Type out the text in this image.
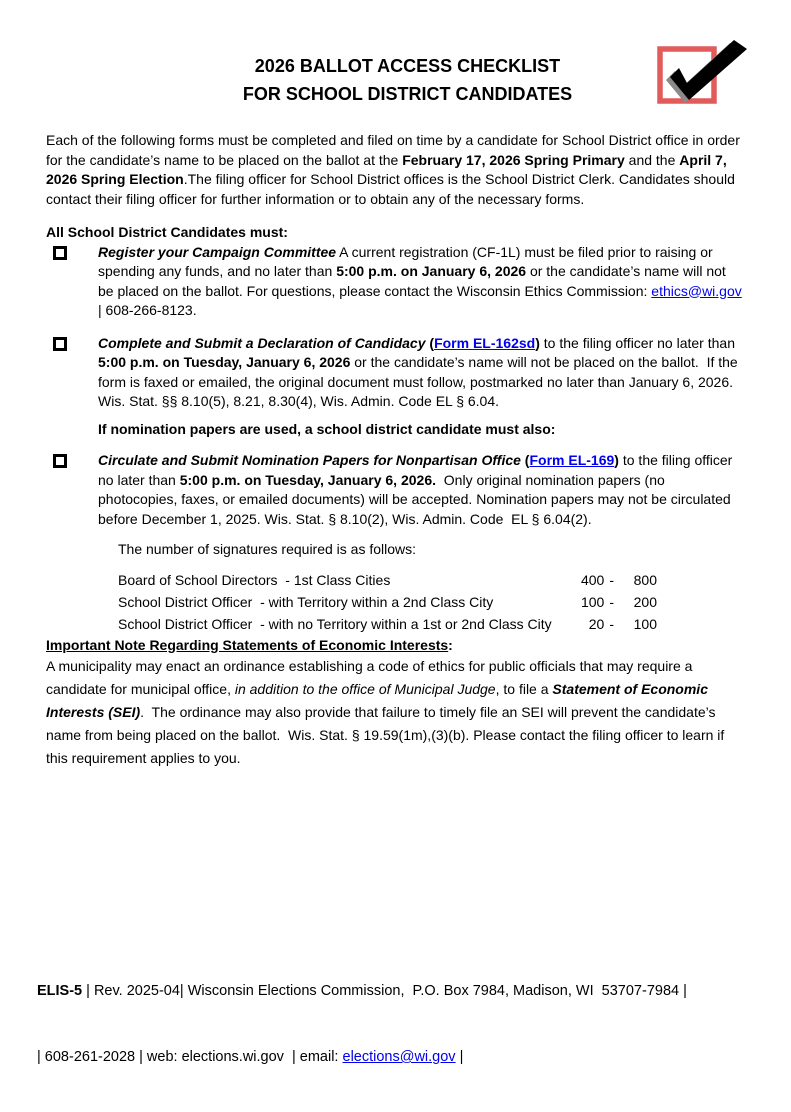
2026 BALLOT ACCESS CHECKLIST
FOR SCHOOL DISTRICT CANDIDATES

Each of the following forms must be completed and filed on time by a candidate for School District office in order for the candidate’s name to be placed on the ballot at the February 17, 2026 Spring Primary and the April 7, 2026 Spring Election.The filing officer for School District offices is the School District Clerk. Candidates should contact their filing officer for further information or to obtain any of the necessary forms.

All School District Candidates must:

Register your Campaign Committee A current registration (CF-1L) must be filed prior to raising or spending any funds, and no later than 5:00 p.m. on January 6, 2026 or the candidate’s name will not be placed on the ballot. For questions, please contact the Wisconsin Ethics Commission: ethics@wi.gov | 608-266-8123.
Complete and Submit a Declaration of Candidacy (Form EL-162sd) to the filing officer no later than 5:00 p.m. on Tuesday, January 6, 2026 or the candidate’s name will not be placed on the ballot.  If the form is faxed or emailed, the original document must follow, postmarked no later than January 6, 2026. Wis. Stat. §§ 8.10(5), 8.21, 8.30(4), Wis. Admin. Code EL § 6.04.

If nomination papers are used, a school district candidate must also:

Circulate and Submit Nomination Papers for Nonpartisan Office (Form EL-169) to the filing officer no later than 5:00 p.m. on Tuesday, January 6, 2026.  Only original nomination papers (no photocopies, faxes, or emailed documents) will be accepted. Nomination papers may not be circulated before December 1, 2025. Wis. Stat. § 8.10(2), Wis. Admin. Code  EL § 6.04(2).

The number of signatures required is as follows:

Board of School Directors  - 1st Class Cities	400 -	800
School District Officer  - with Territory within a 2nd Class City	100 -	200
School District Officer  - with no Territory within a 1st or 2nd Class City	20 -	100

Important Note Regarding Statements of Economic Interests:

A municipality may enact an ordinance establishing a code of ethics for public officials that may require a candidate for municipal office, in addition to the office of Municipal Judge, to file a Statement of Economic Interests (SEI).  The ordinance may also provide that failure to timely file an SEI will prevent the candidate’s name from being placed on the ballot.  Wis. Stat. § 19.59(1m),(3)(b). Please contact the filing officer to learn if this requirement applies to you.

ELIS-5 | Rev. 2025-04| Wisconsin Elections Commission,  P.O. Box 7984, Madison, WI  53707-7984 |

| 608-261-2028 | web: elections.wi.gov  | email: elections@wi.gov |
